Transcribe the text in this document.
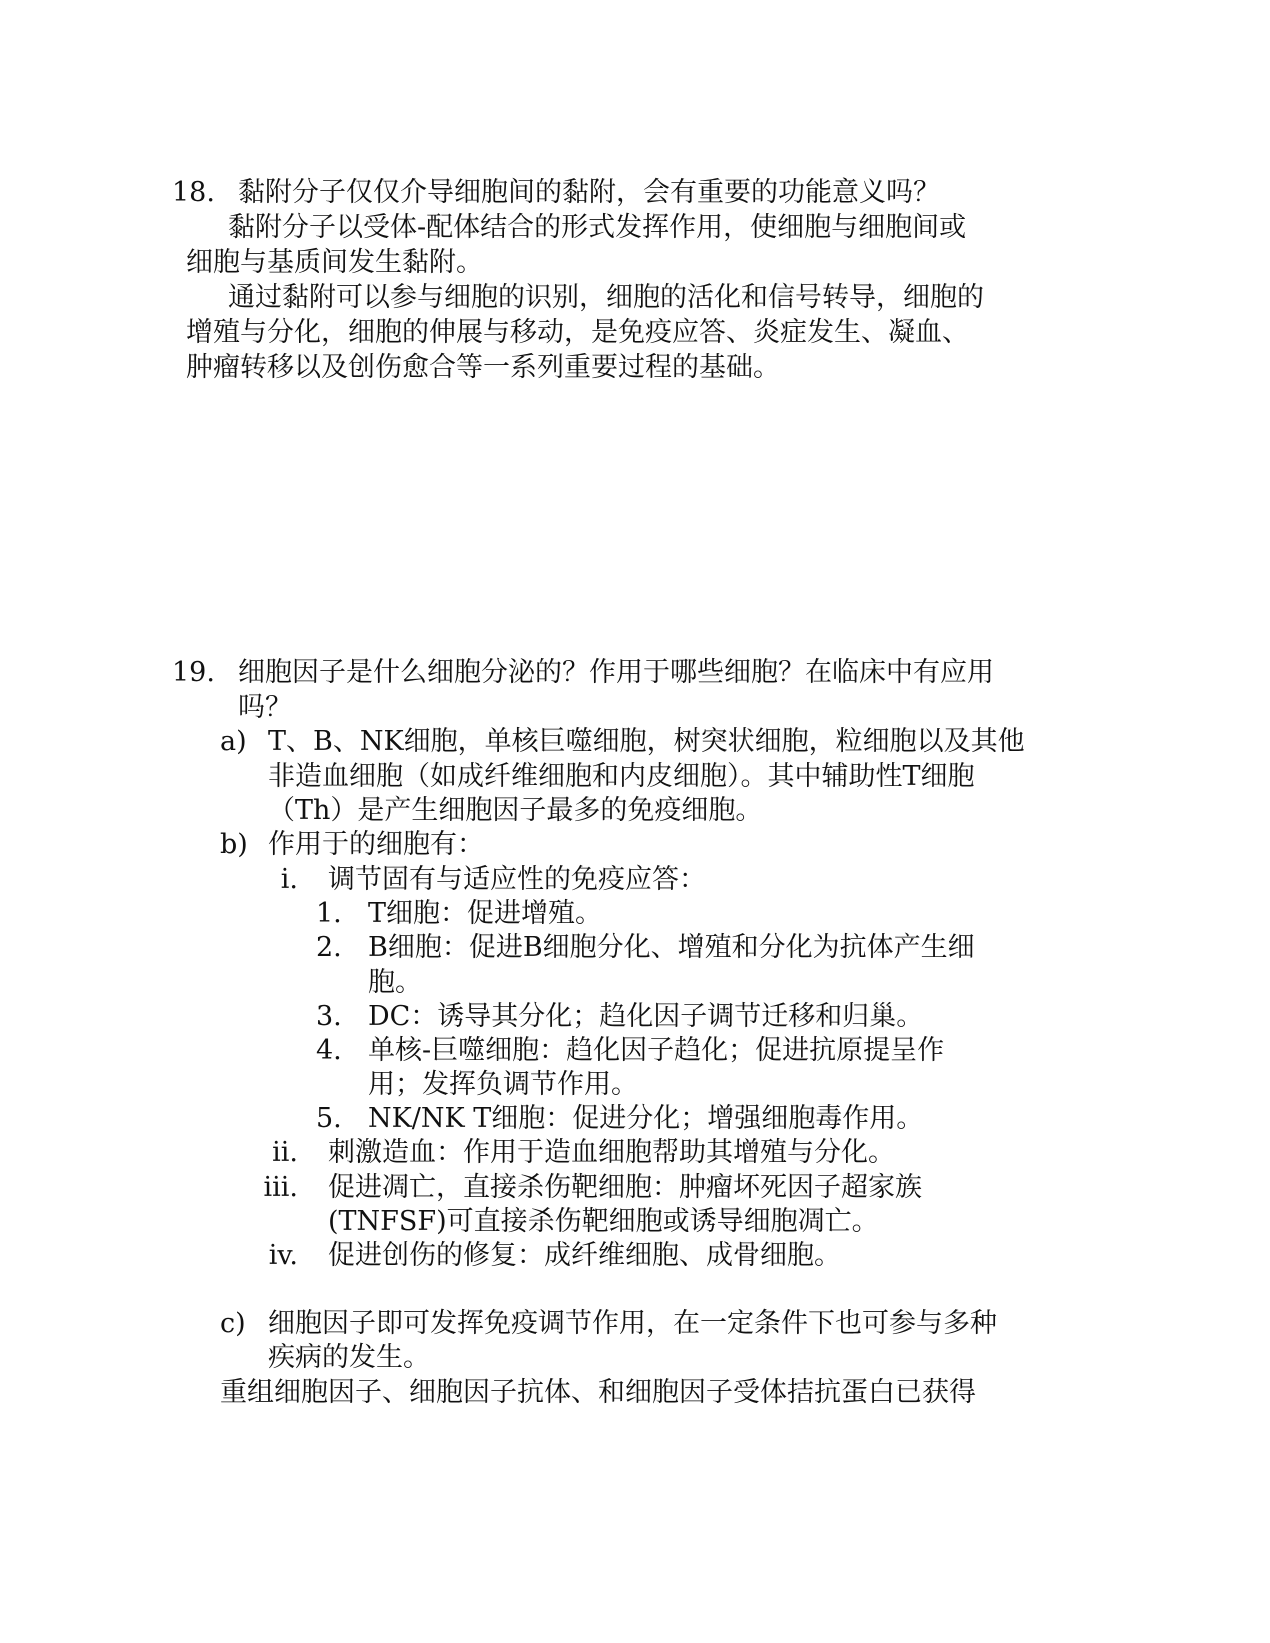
18. 黏附分子仅仅介导细胞间的黏附，会有重要的功能意义吗？
黏附分子以受体-配体结合的形式发挥作用，使细胞与细胞间或
细胞与基质间发生黏附。
通过黏附可以参与细胞的识别，细胞的活化和信号转导，细胞的
增殖与分化，细胞的伸展与移动，是免疫应答、炎症发生、凝血、
肿瘤转移以及创伤愈合等一系列重要过程的基础。
19. 细胞因子是什么细胞分泌的？作用于哪些细胞？在临床中有应用
吗？
a) T、B、NK细胞，单核巨噬细胞，树突状细胞，粒细胞以及其他
非造血细胞（如成纤维细胞和内皮细胞）。其中辅助性T细胞
（Th）是产生细胞因子最多的免疫细胞。
b) 作用于的细胞有：
i. 调节固有与适应性的免疫应答：
1. T细胞：促进增殖。
2. B细胞：促进B细胞分化、增殖和分化为抗体产生细
胞。
3. DC：诱导其分化；趋化因子调节迁移和归巢。
4. 单核-巨噬细胞：趋化因子趋化；促进抗原提呈作
用；发挥负调节作用。
5. NK/NK T细胞：促进分化；增强细胞毒作用。
ii. 刺激造血：作用于造血细胞帮助其增殖与分化。
iii. 促进凋亡，直接杀伤靶细胞：肿瘤坏死因子超家族
(TNFSF)可直接杀伤靶细胞或诱导细胞凋亡。
iv. 促进创伤的修复：成纤维细胞、成骨细胞。
c) 细胞因子即可发挥免疫调节作用，在一定条件下也可参与多种
疾病的发生。
重组细胞因子、细胞因子抗体、和细胞因子受体拮抗蛋白已获得
